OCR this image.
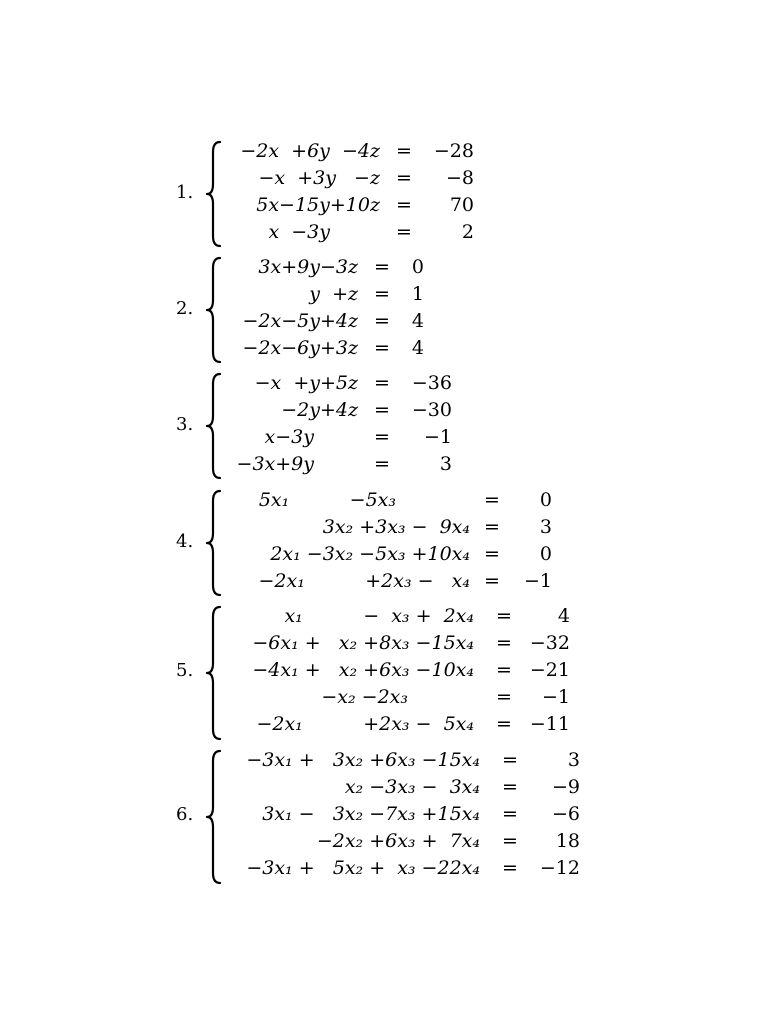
1.
−2x  +6y  −4z =	−28
−x  +3y   −z =	−8
5x−15y+10z =	70
x  −3y	=	2
2.
3x+9y−3z =	0
y  +z =	1
−2x−5y+4z =	4
−2x−6y+3z =	4
3.
−x  +y+5z =	−36
−2y+4z =	−30
x−3y	=	−1
−3x+9y	=	3
4.
5x₁          −5x₃	=	0
3x₂ +3x₃ −  9x₄ =	3
2x₁ −3x₂ −5x₃ +10x₄ =	0
−2x₁          +2x₃ −   x₄ =	−1
5.
x₁          −  x₃ +  2x₄ =	4
−6x₁ +   x₂ +8x₃ −15x₄ = −32
−4x₁ +   x₂ +6x₃ −10x₄ = −21
−x₂ −2x₃	=	−1
−2x₁          +2x₃ −  5x₄ = −11
6.
−3x₁ +   3x₂ +6x₃ −15x₄ =	3
x₂ −3x₃ −  3x₄ =	−9
3x₁ −   3x₂ −7x₃ +15x₄ =	−6
−2x₂ +6x₃ +  7x₄ =	18
−3x₁ +   5x₂ +  x₃ −22x₄ =	−12
